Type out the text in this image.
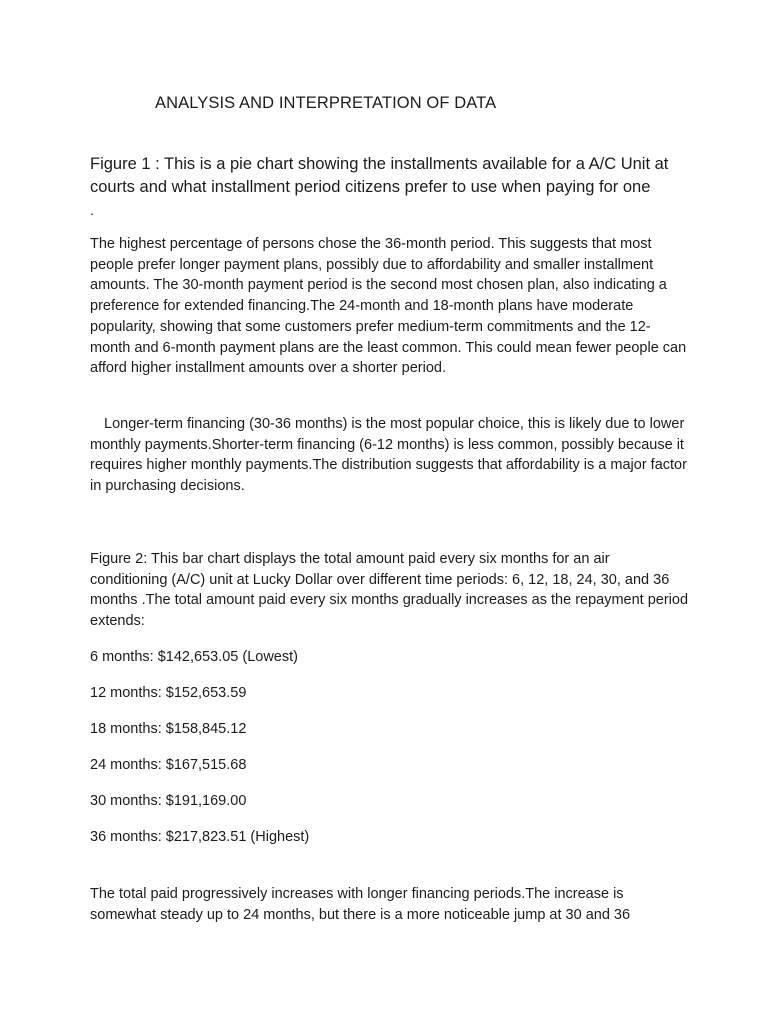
ANALYSIS AND INTERPRETATION OF DATA

Figure 1 : This is a pie chart showing the installments available for a A/C Unit at courts and what installment period citizens prefer to use when paying for one

.

The highest percentage of persons chose the 36-month period. This suggests that most people prefer longer payment plans, possibly due to affordability and smaller installment amounts. The 30-month payment period is the second most chosen plan, also indicating a preference for extended financing.The 24-month and 18-month plans have moderate popularity, showing that some customers prefer medium-term commitments and the 12-month and 6-month payment plans are the least common. This could mean fewer people can afford higher installment amounts over a shorter period.

Longer-term financing (30-36 months) is the most popular choice, this is likely due to lower monthly payments.Shorter-term financing (6-12 months) is less common, possibly because it requires higher monthly payments.The distribution suggests that affordability is a major factor in purchasing decisions.

Figure 2: This bar chart displays the total amount paid every six months for an air conditioning (A/C) unit at Lucky Dollar over different time periods: 6, 12, 18, 24, 30, and 36 months .The total amount paid every six months gradually increases as the repayment period extends:

6 months: $142,653.05 (Lowest)

12 months: $152,653.59

18 months: $158,845.12

24 months: $167,515.68

30 months: $191,169.00

36 months: $217,823.51 (Highest)

The total paid progressively increases with longer financing periods.The increase is somewhat steady up to 24 months, but there is a more noticeable jump at 30 and 36
